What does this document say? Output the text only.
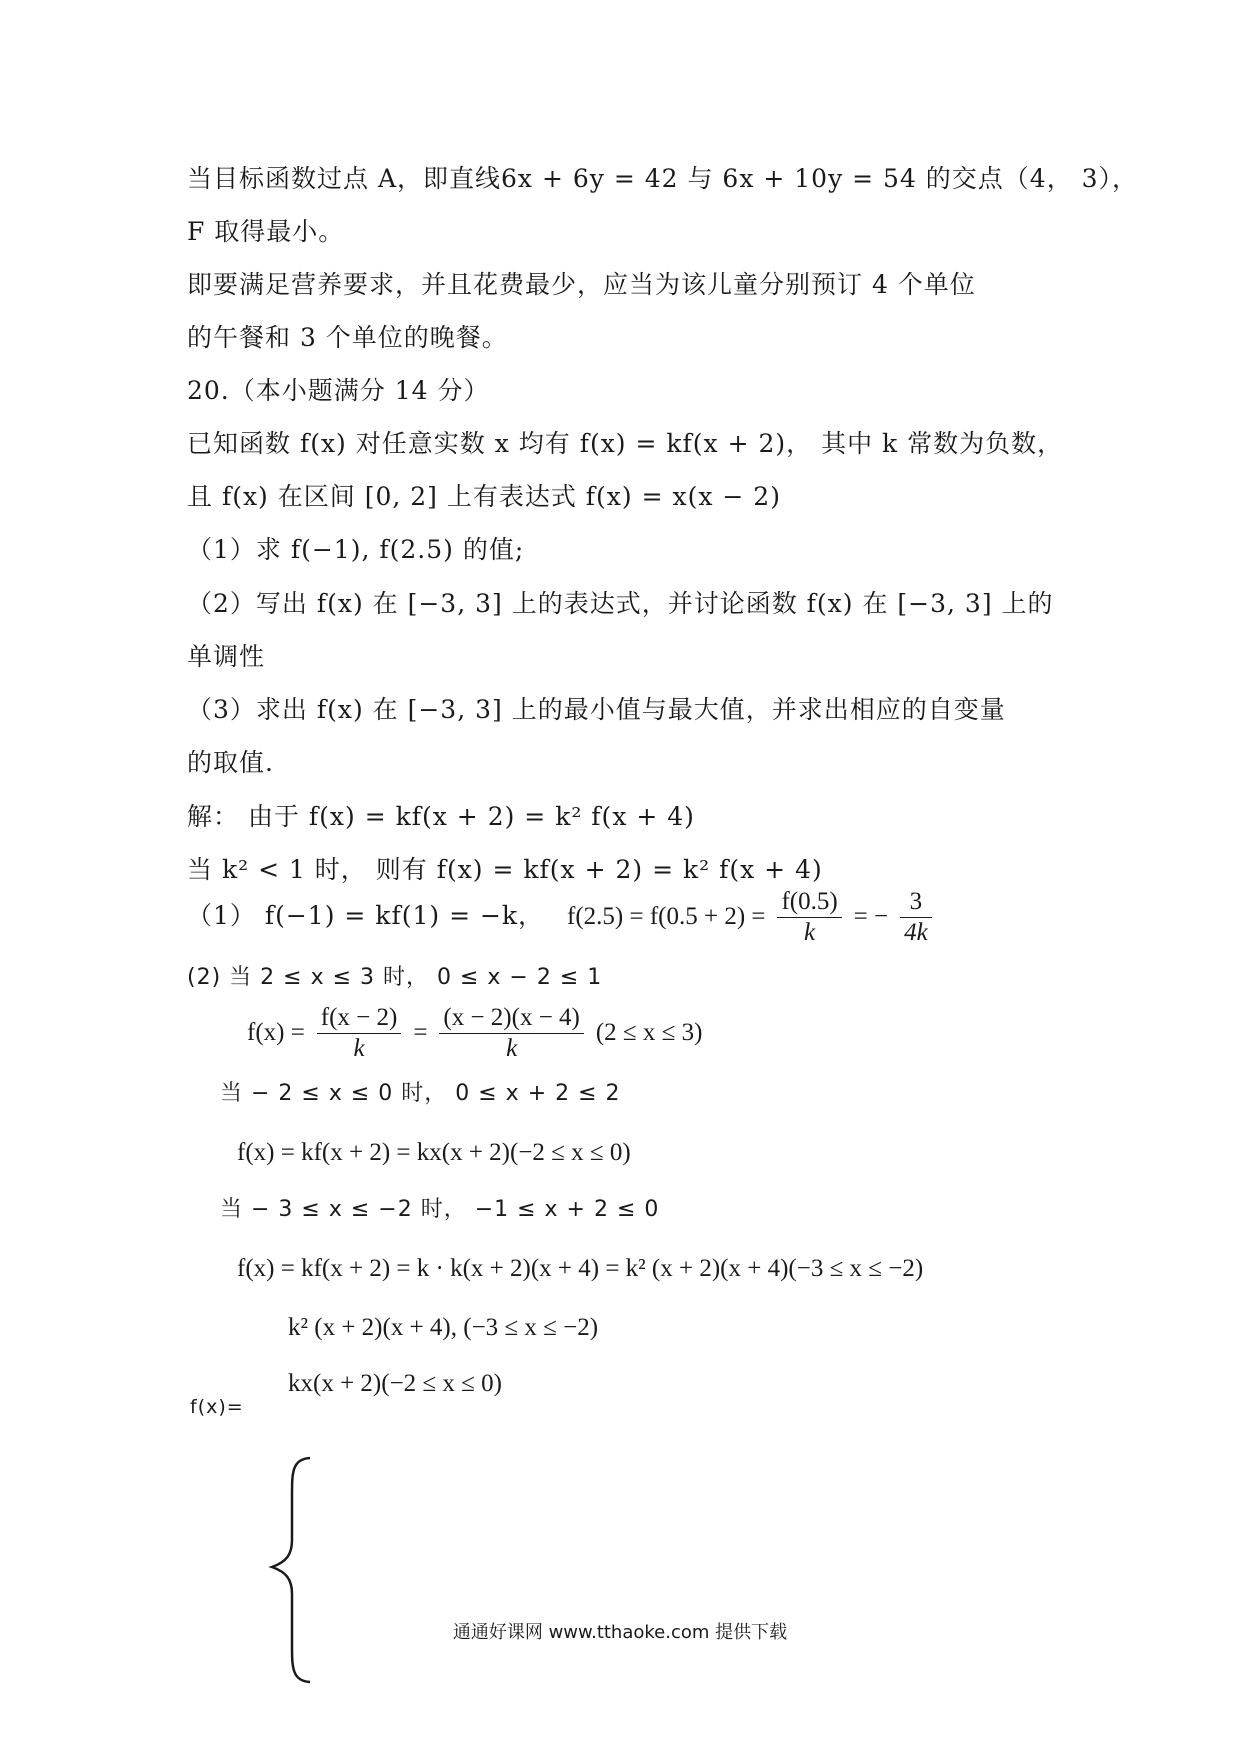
当目标函数过点 A，即直线6x + 6y = 42 与 6x + 10y = 54 的交点（4， 3），
F 取得最小。
即要满足营养要求，并且花费最少，应当为该儿童分别预订 4 个单位
的午餐和 3 个单位的晚餐。
20.（本小题满分 14 分）
已知函数 f(x) 对任意实数 x 均有 f(x) = kf(x + 2)， 其中 k 常数为负数，
且 f(x) 在区间 [0, 2] 上有表达式 f(x) = x(x − 2)
（1）求 f(−1), f(2.5) 的值;
（2）写出 f(x) 在 [−3, 3] 上的表达式，并讨论函数 f(x) 在 [−3, 3] 上的
单调性
（3）求出 f(x) 在 [−3, 3] 上的最小值与最大值，并求出相应的自变量
的取值.
解： 由于 f(x) = kf(x + 2) = k² f(x + 4)
当 k² < 1 时， 则有 f(x) = kf(x + 2) = k² f(x + 4)
（1） f(−1) = kf(1) = −k， $f(2.5) = f(0.5 + 2) = \frac{f(0.5)}{k}$ = − $\frac{3}{4k}$
(2) 当 2 ≤ x ≤ 3 时， 0 ≤ x − 2 ≤ 1
$f(x) = \frac{f(x - 2)}{k} = \frac{(x - 2)(x - 4)}{k} (2 \le x \le 3)$
当 − 2 ≤ x ≤ 0 时， 0 ≤ x + 2 ≤ 2
f(x) = kf(x + 2) = kx(x + 2)(−2 ≤ x ≤ 0)
当 − 3 ≤ x ≤ −2 时， −1 ≤ x + 2 ≤ 0
f(x) = kf(x + 2) = k · k(x + 2)(x + 4) = k² (x + 2)(x + 4)(−3 ≤ x ≤ −2)
f(x)=
k² (x + 2)(x + 4), (−3 ≤ x ≤ −2)
kx(x + 2)(−2 ≤ x ≤ 0)
通通好课网 www.tthaoke.com 提供下载
